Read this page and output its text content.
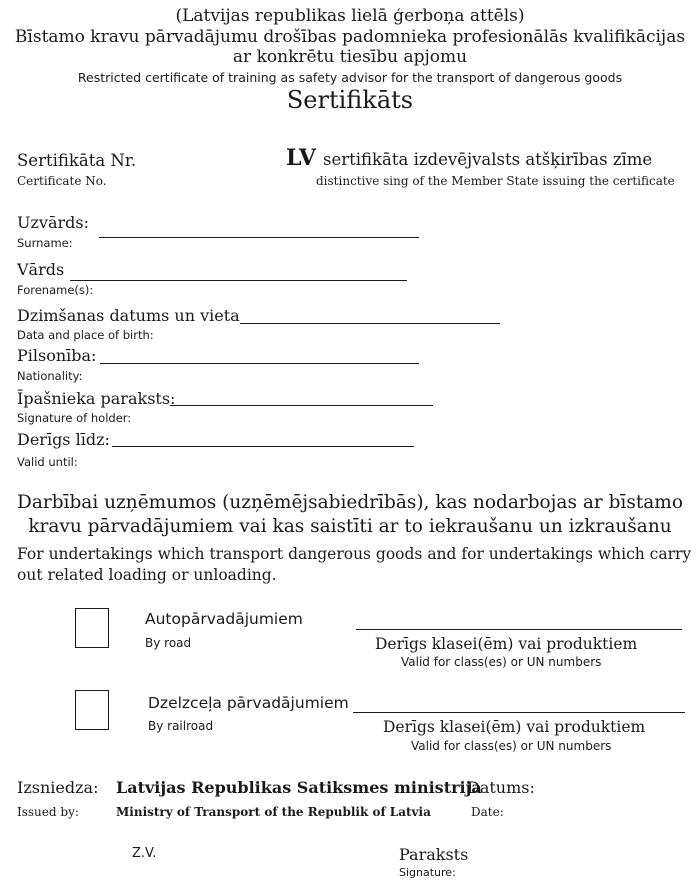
(Latvijas republikas lielā ģerboņa attēls)
Bīstamo kravu pārvadājumu drošības padomnieka profesionālās kvalifikācijas
ar konkrētu tiesību apjomu
Restricted certificate of training as safety advisor for the transport of dangerous goods
Sertifikāts
Sertifikāta Nr.
Certificate No.
LV sertifikāta izdevējvalsts atšķirības zīme
distinctive sing of the Member State issuing the certificate
Uzvārds:
Surname:
Vārds
Forename(s):
Dzimšanas datums un vieta
Data and place of birth:
Pilsonība:
Nationality:
Īpašnieka paraksts:
Signature of holder:
Derīgs līdz:
Valid until:
Darbībai uzņēmumos (uzņēmējsabiedrībās), kas nodarbojas ar bīstamo
kravu pārvadājumiem vai kas saistīti ar to iekraušanu un izkraušanu
For undertakings which transport dangerous goods and for undertakings which carry
out related loading or unloading.
Autopārvadājumiem
By road	Derīgs klasei(ēm) vai produktiem
Valid for class(es) or UN numbers
Dzelzceļa pārvadājumiem
By railroad	Derīgs klasei(ēm) vai produktiem
Valid for class(es) or UN numbers
Izsniedza:
Issued by:
Latvijas Republikas Satiksmes ministrija
Ministry of Transport of the Republik of Latvia
Datums:
Date:
Z.V.	Paraksts
Signature:
